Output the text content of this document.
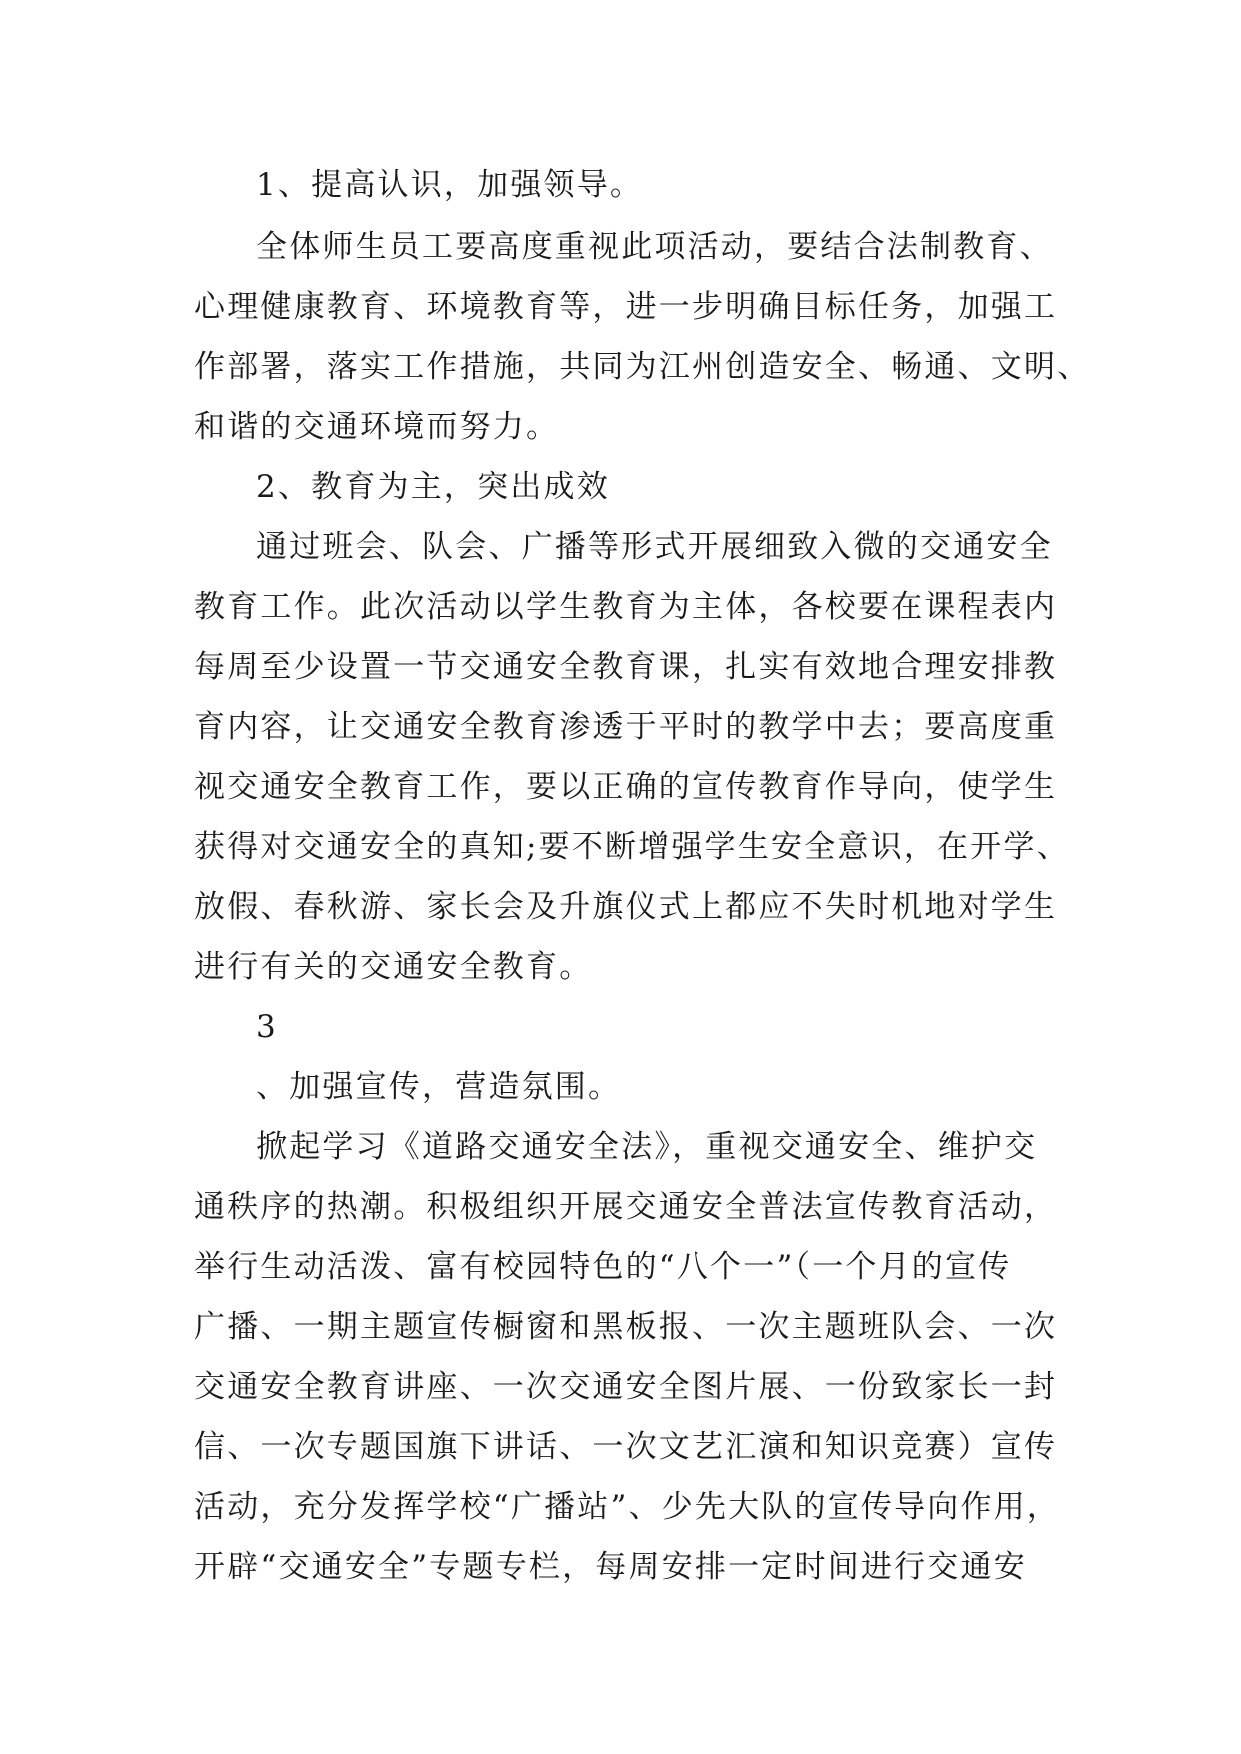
1、提高认识，加强领导。
全体师生员工要高度重视此项活动，要结合法制教育、
心理健康教育、环境教育等，进一步明确目标任务，加强工
作部署，落实工作措施，共同为江州创造安全、畅通、文明、
和谐的交通环境而努力。
2、教育为主，突出成效
通过班会、队会、广播等形式开展细致入微的交通安全
教育工作。此次活动以学生教育为主体，各校要在课程表内
每周至少设置一节交通安全教育课，扎实有效地合理安排教
育内容，让交通安全教育渗透于平时的教学中去；要高度重
视交通安全教育工作，要以正确的宣传教育作导向，使学生
获得对交通安全的真知;要不断增强学生安全意识，在开学、
放假、春秋游、家长会及升旗仪式上都应不失时机地对学生
进行有关的交通安全教育。
3
、加强宣传，营造氛围。
掀起学习《道路交通安全法》，重视交通安全、维护交
通秩序的热潮。积极组织开展交通安全普法宣传教育活动，
举行生动活泼、富有校园特色的“八个一”（一个月的宣传
广播、一期主题宣传橱窗和黑板报、一次主题班队会、一次
交通安全教育讲座、一次交通安全图片展、一份致家长一封
信、一次专题国旗下讲话、一次文艺汇演和知识竞赛）宣传
活动，充分发挥学校“广播站”、少先大队的宣传导向作用，
开辟“交通安全”专题专栏，每周安排一定时间进行交通安
